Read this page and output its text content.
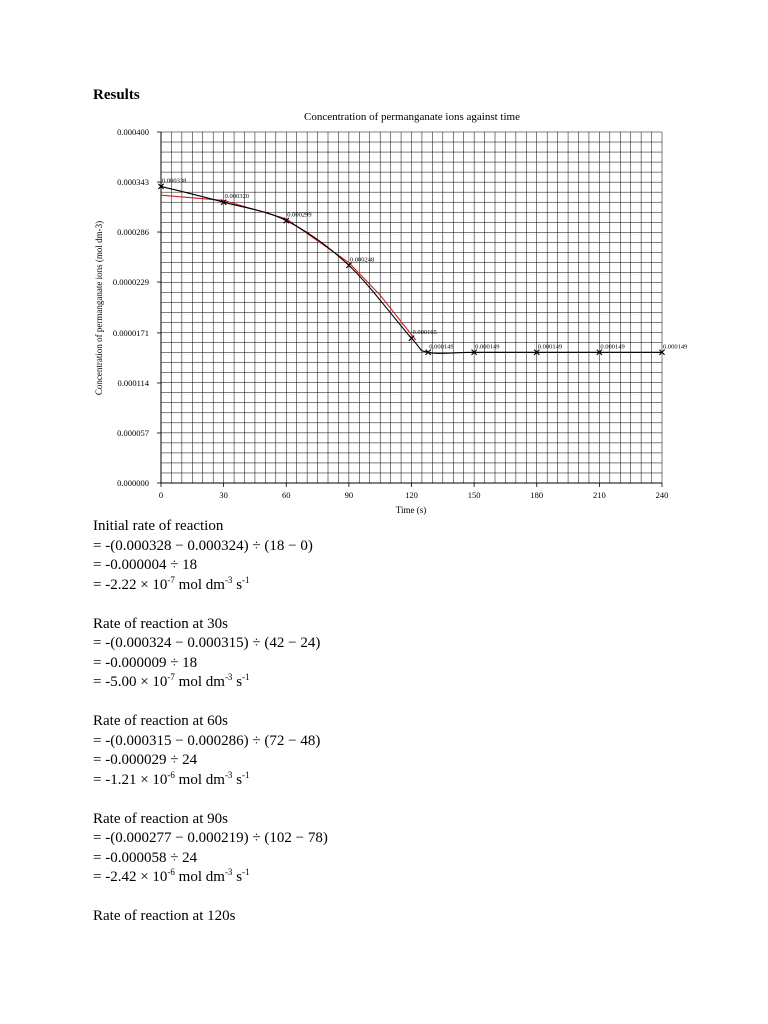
Results
Concentration of permanganate ions against time
0.000000
0.000057
0.000114
0.0000171
0.0000229
0.000286
0.000343
0.000400
0	30	60	90	120	150	180	210	240
Concentration of permanganate ions (mol dm-3)
Time (s)
0.000338
0.000320
0.000299
0.000248
0.000165
0.000149	0.000149	0.000149	0.000149	0.000149
Initial rate of reaction
= -(0.000328 − 0.000324) ÷ (18 − 0)
= -0.000004 ÷ 18
= $-2.22 \times 10^{-7}$ mol $dm^{-3}$ $s^{-1}$
Rate of reaction at 30s
= -(0.000324 − 0.000315) ÷ (42 − 24)
= -0.000009 ÷ 18
= $-5.00 \times 10^{-7}$ mol $dm^{-3}$ $s^{-1}$
Rate of reaction at 60s
= -(0.000315 − 0.000286) ÷ (72 − 48)
= -0.000029 ÷ 24
= $-1.21 \times 10^{-6}$ mol $dm^{-3}$ $s^{-1}$
Rate of reaction at 90s
= -(0.000277 − 0.000219) ÷ (102 − 78)
= -0.000058 ÷ 24
= $-2.42 \times 10^{-6}$ mol $dm^{-3}$ $s^{-1}$
Rate of reaction at 120s
